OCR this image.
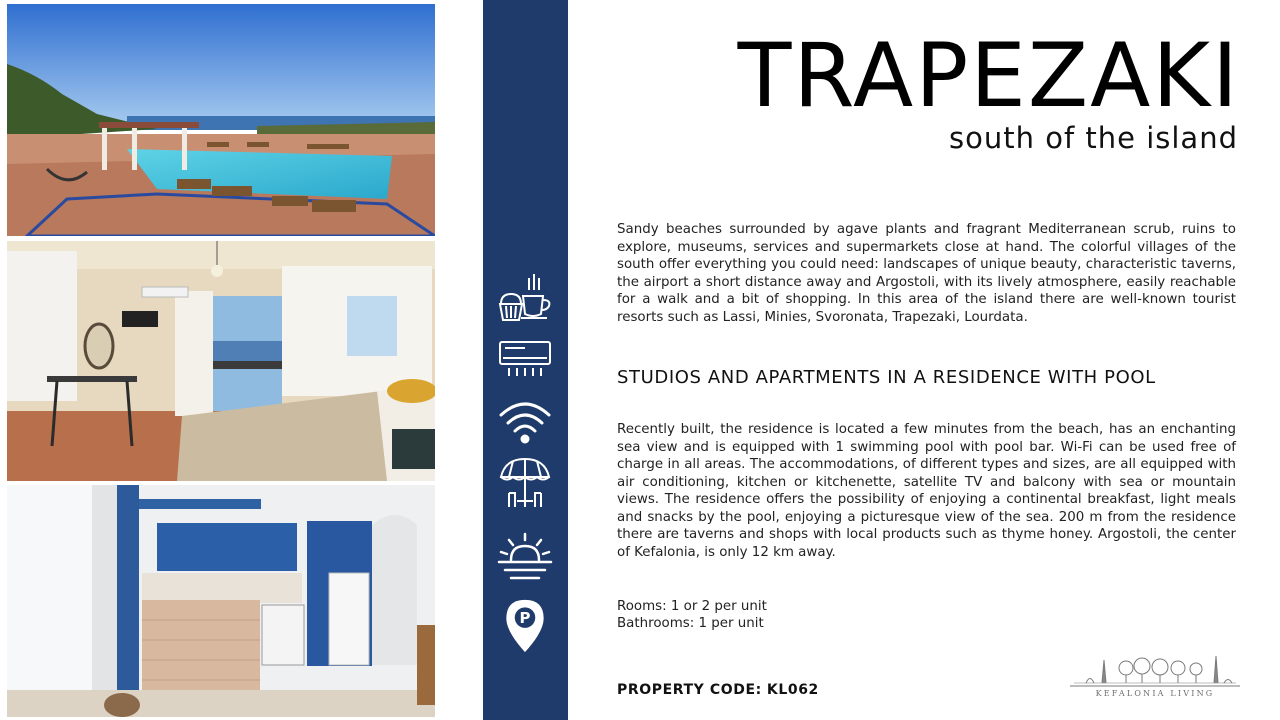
P
TRAPEZAKI
south of the island

Sandy beaches surrounded by agave plants and fragrant Mediterranean scrub, ruins to explore, museums, services and supermarkets close at hand. The colorful villages of the south offer everything you could need: landscapes of unique beauty, characteristic taverns, the airport a short distance away and Argostoli, with its lively atmosphere, easily reachable for a walk and a bit of shopping. In this area of the island there are well-known tourist resorts such as Lassi, Minies, Svoronata, Trapezaki, Lourdata.

STUDIOS AND APARTMENTS IN A RESIDENCE WITH POOL

Recently built, the residence is located a few minutes from the beach, has an enchanting sea view and is equipped with 1 swimming pool with pool bar. Wi-Fi can be used free of charge in all areas. The accommodations, of different types and sizes, are all equipped with air conditioning, kitchen or kitchenette, satellite TV and balcony with sea or mountain views. The residence offers the possibility of enjoying a continental breakfast, light meals and snacks by the pool, enjoying a picturesque view of the sea. 200 m from the residence there are taverns and shops with local products such as thyme honey. Argostoli, the center of Kefalonia, is only 12 km away.

Rooms: 1 or 2 per unit
Bathrooms: 1 per unit
PROPERTY CODE: KL062	KEFALONIA LIVING
